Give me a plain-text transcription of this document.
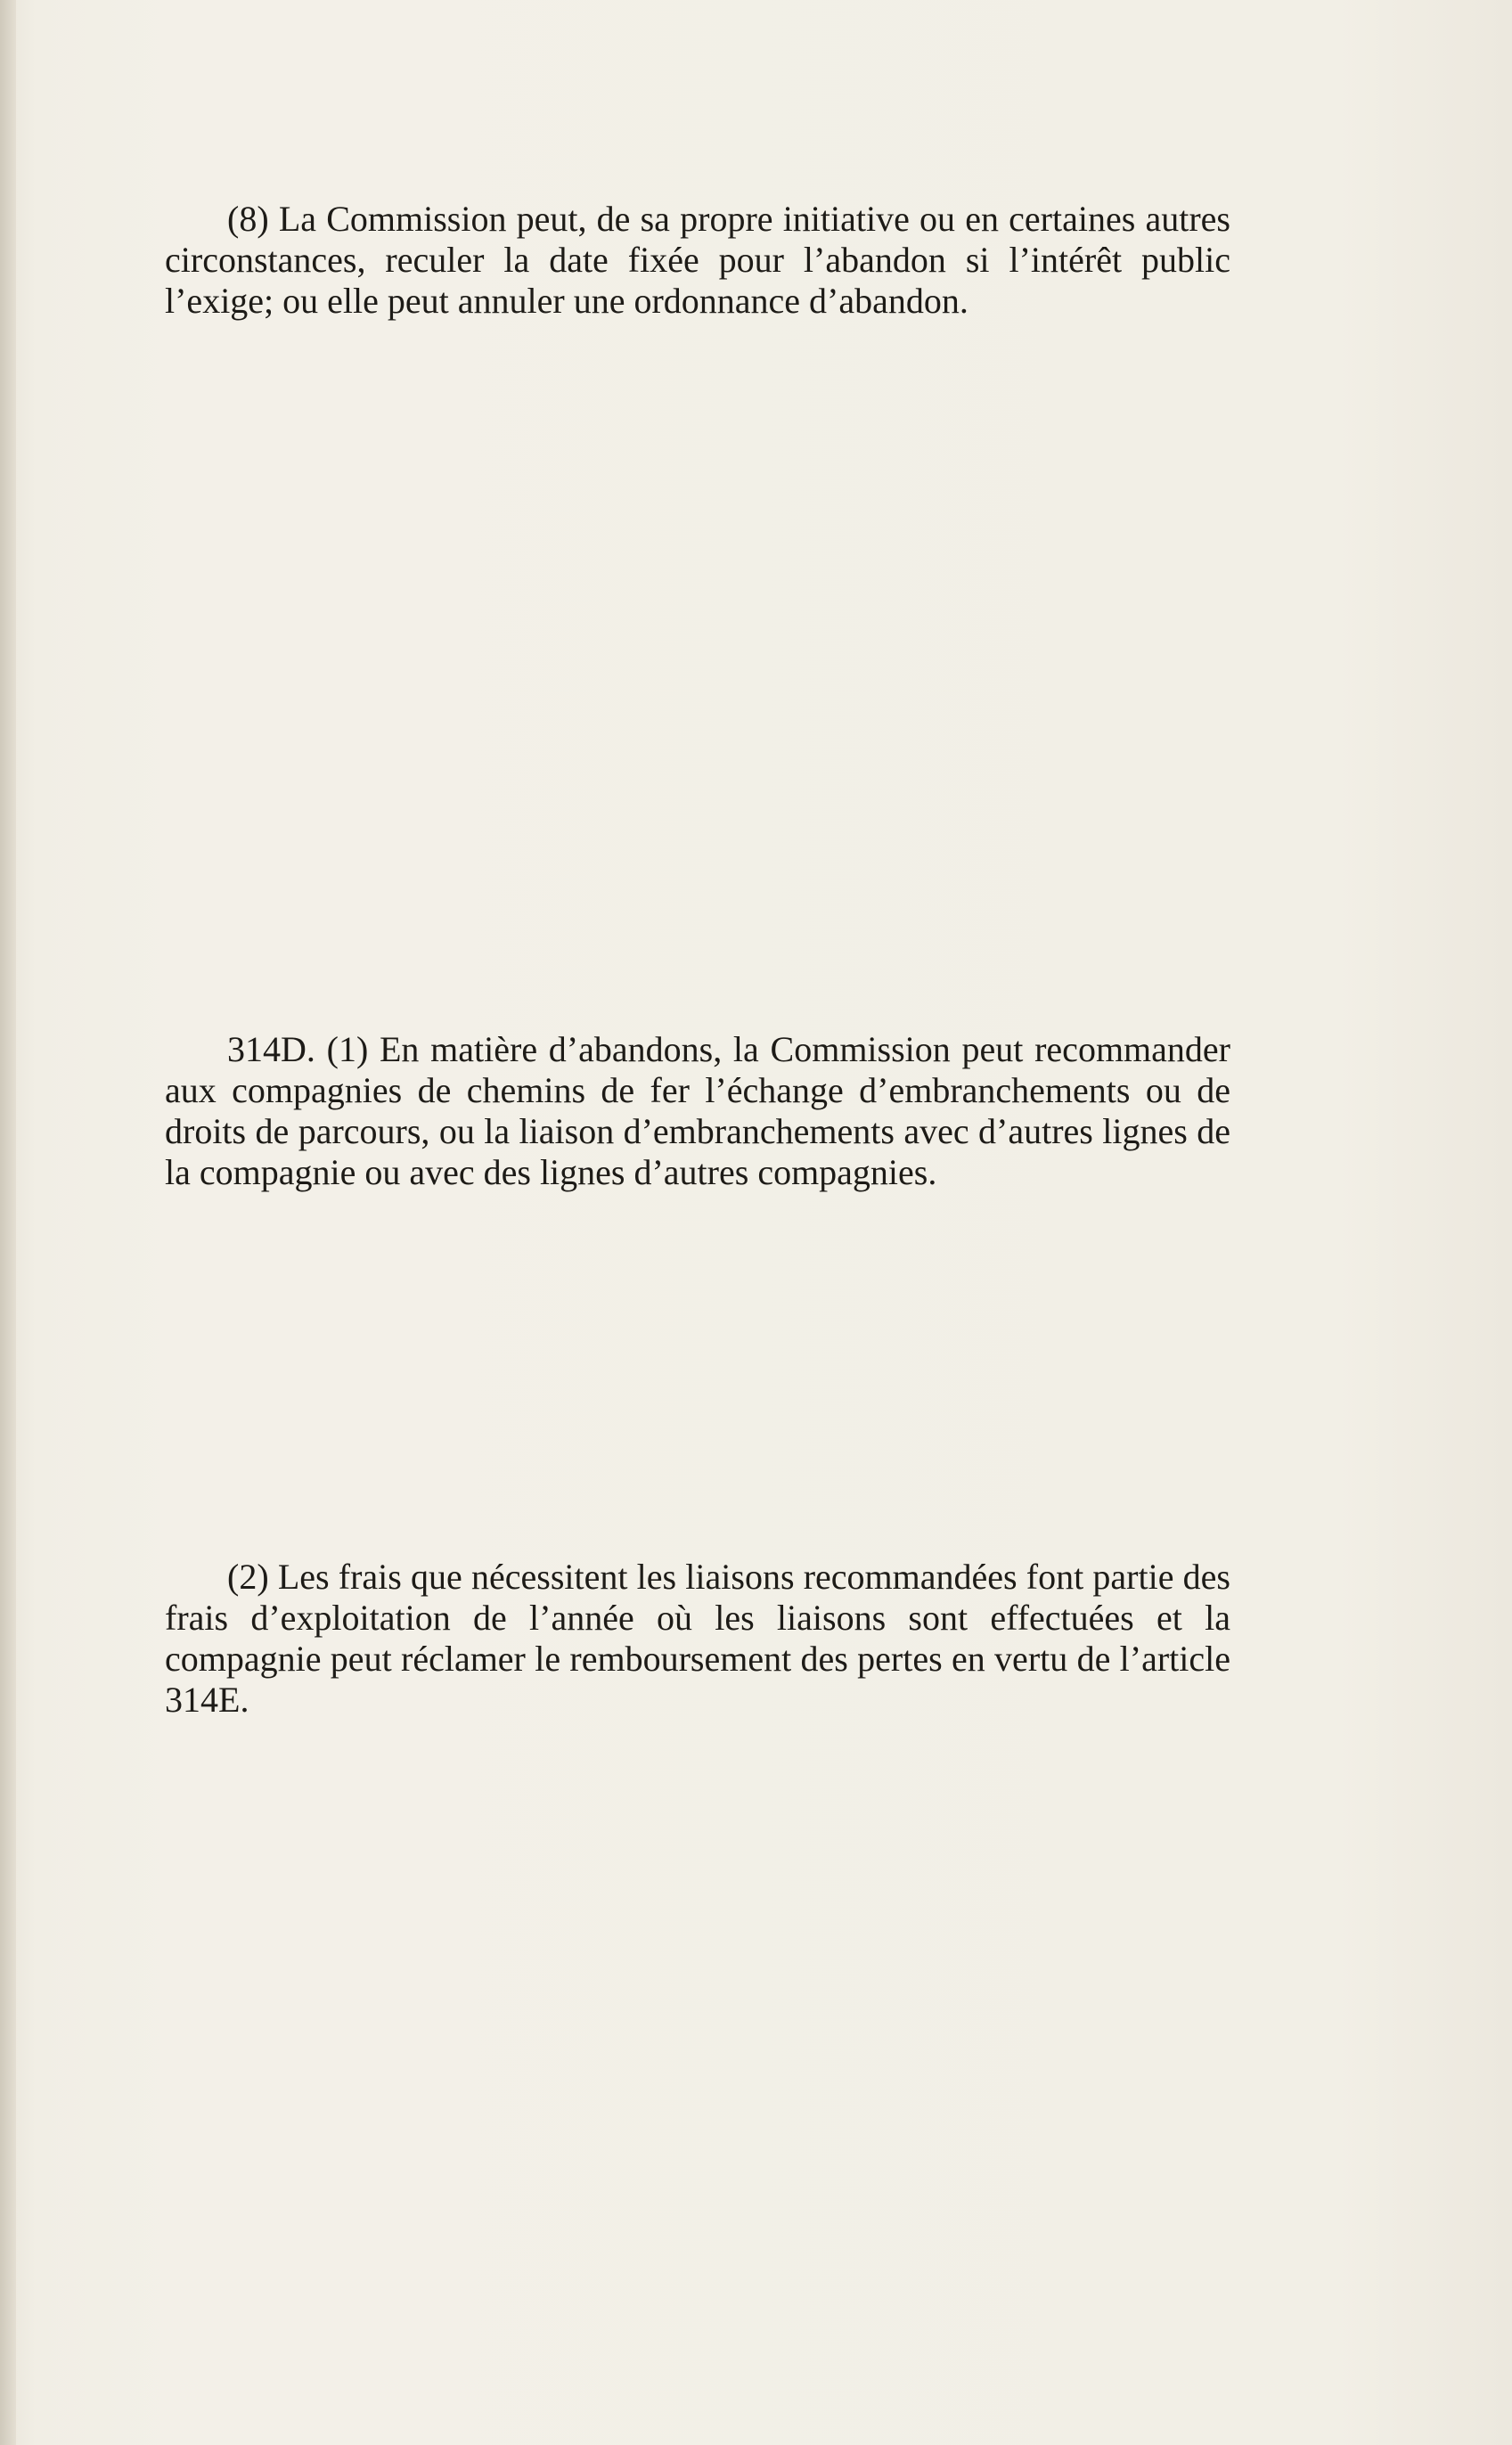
(8) La Commission peut, de sa propre initiative ou en certaines autres circonstances, reculer la date fixée pour l’abandon si l’intérêt public l’exige; ou elle peut annuler une ordonnance d’abandon.

314D. (1) En matière d’abandons, la Commission peut recommander aux compagnies de chemins de fer l’échange d’embranchements ou de droits de parcours, ou la liaison d’embranchements avec d’autres lignes de la compagnie ou avec des lignes d’autres compagnies.

(2) Les frais que nécessitent les liaisons recommandées font partie des frais d’exploitation de l’année où les liaisons sont effectuées et la compagnie peut réclamer le remboursement des pertes en vertu de l’article 314E.
